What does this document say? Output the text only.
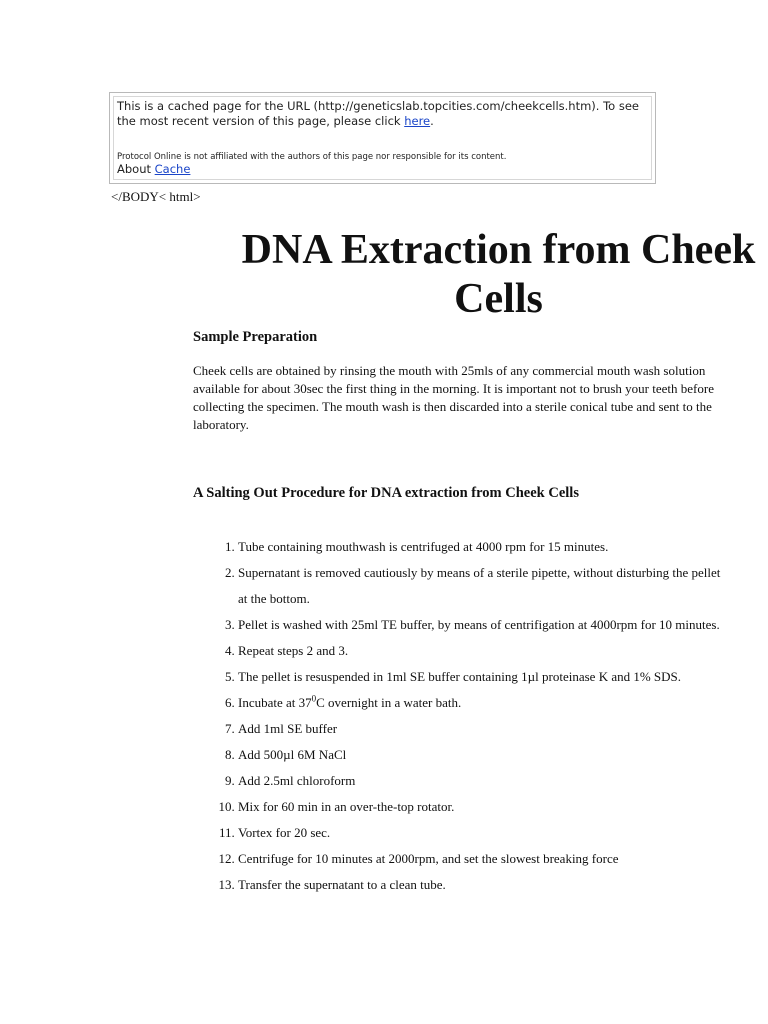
This is a cached page for the URL (http://geneticslab.topcities.com/cheekcells.htm). To see the most recent version of this page, please click here.
Protocol Online is not affiliated with the authors of this page nor responsible for its content.
About Cache
</BODY< html>
DNA Extraction from Cheek
Cells
Sample Preparation

Cheek cells are obtained by rinsing the mouth with 25mls of any commercial mouth wash solution
available for about 30sec the first thing in the morning. It is important not to brush your teeth before
collecting the specimen. The mouth wash is then discarded into a sterile conical tube and sent to the
laboratory.

A Salting Out Procedure for DNA extraction from Cheek Cells
1. Tube containing mouthwash is centrifuged at 4000 rpm for 15 minutes.
2. Supernatant is removed cautiously by means of a sterile pipette, without disturbing the pellet
at the bottom.
3. Pellet is washed with 25ml TE buffer, by means of centrifigation at 4000rpm for 10 minutes.
4. Repeat steps 2 and 3.
5. The pellet is resuspended in 1ml SE buffer containing 1µl proteinase K and 1% SDS.
6. Incubate at $37^0C$ overnight in a water bath.
7. Add 1ml SE buffer
8. Add 500µl 6M NaCl
9. Add 2.5ml chloroform
10. Mix for 60 min in an over-the-top rotator.
11. Vortex for 20 sec.
12. Centrifuge for 10 minutes at 2000rpm, and set the slowest breaking force
13. Transfer the supernatant to a clean tube.
